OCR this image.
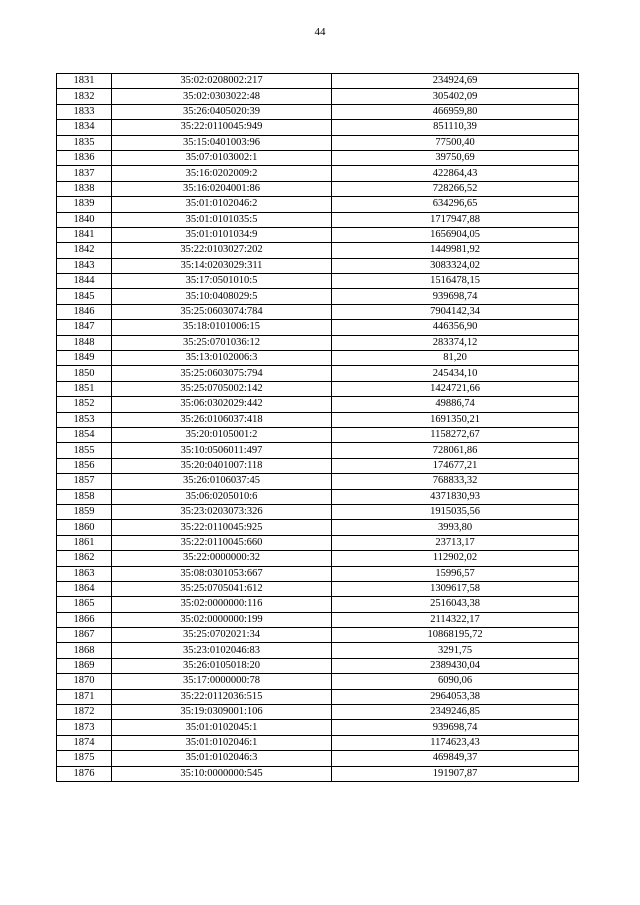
44
1831	35:02:0208002:217	234924,69
1832	35:02:0303022:48	305402,09
1833	35:26:0405020:39	466959,80
1834	35:22:0110045:949	851110,39
1835	35:15:0401003:96	77500,40
1836	35:07:0103002:1	39750,69
1837	35:16:0202009:2	422864,43
1838	35:16:0204001:86	728266,52
1839	35:01:0102046:2	634296,65
1840	35:01:0101035:5	1717947,88
1841	35:01:0101034:9	1656904,05
1842	35:22:0103027:202	1449981,92
1843	35:14:0203029:311	3083324,02
1844	35:17:0501010:5	1516478,15
1845	35:10:0408029:5	939698,74
1846	35:25:0603074:784	7904142,34
1847	35:18:0101006:15	446356,90
1848	35:25:0701036:12	283374,12
1849	35:13:0102006:3	81,20
1850	35:25:0603075:794	245434,10
1851	35:25:0705002:142	1424721,66
1852	35:06:0302029:442	49886,74
1853	35:26:0106037:418	1691350,21
1854	35:20:0105001:2	1158272,67
1855	35:10:0506011:497	728061,86
1856	35:20:0401007:118	174677,21
1857	35:26:0106037:45	768833,32
1858	35:06:0205010:6	4371830,93
1859	35:23:0203073:326	1915035,56
1860	35:22:0110045:925	3993,80
1861	35:22:0110045:660	23713,17
1862	35:22:0000000:32	112902,02
1863	35:08:0301053:667	15996,57
1864	35:25:0705041:612	1309617,58
1865	35:02:0000000:116	2516043,38
1866	35:02:0000000:199	2114322,17
1867	35:25:0702021:34	10868195,72
1868	35:23:0102046:83	3291,75
1869	35:26:0105018:20	2389430,04
1870	35:17:0000000:78	6090,06
1871	35:22:0112036:515	2964053,38
1872	35:19:0309001:106	2349246,85
1873	35:01:0102045:1	939698,74
1874	35:01:0102046:1	1174623,43
1875	35:01:0102046:3	469849,37
1876	35:10:0000000:545	191907,87
